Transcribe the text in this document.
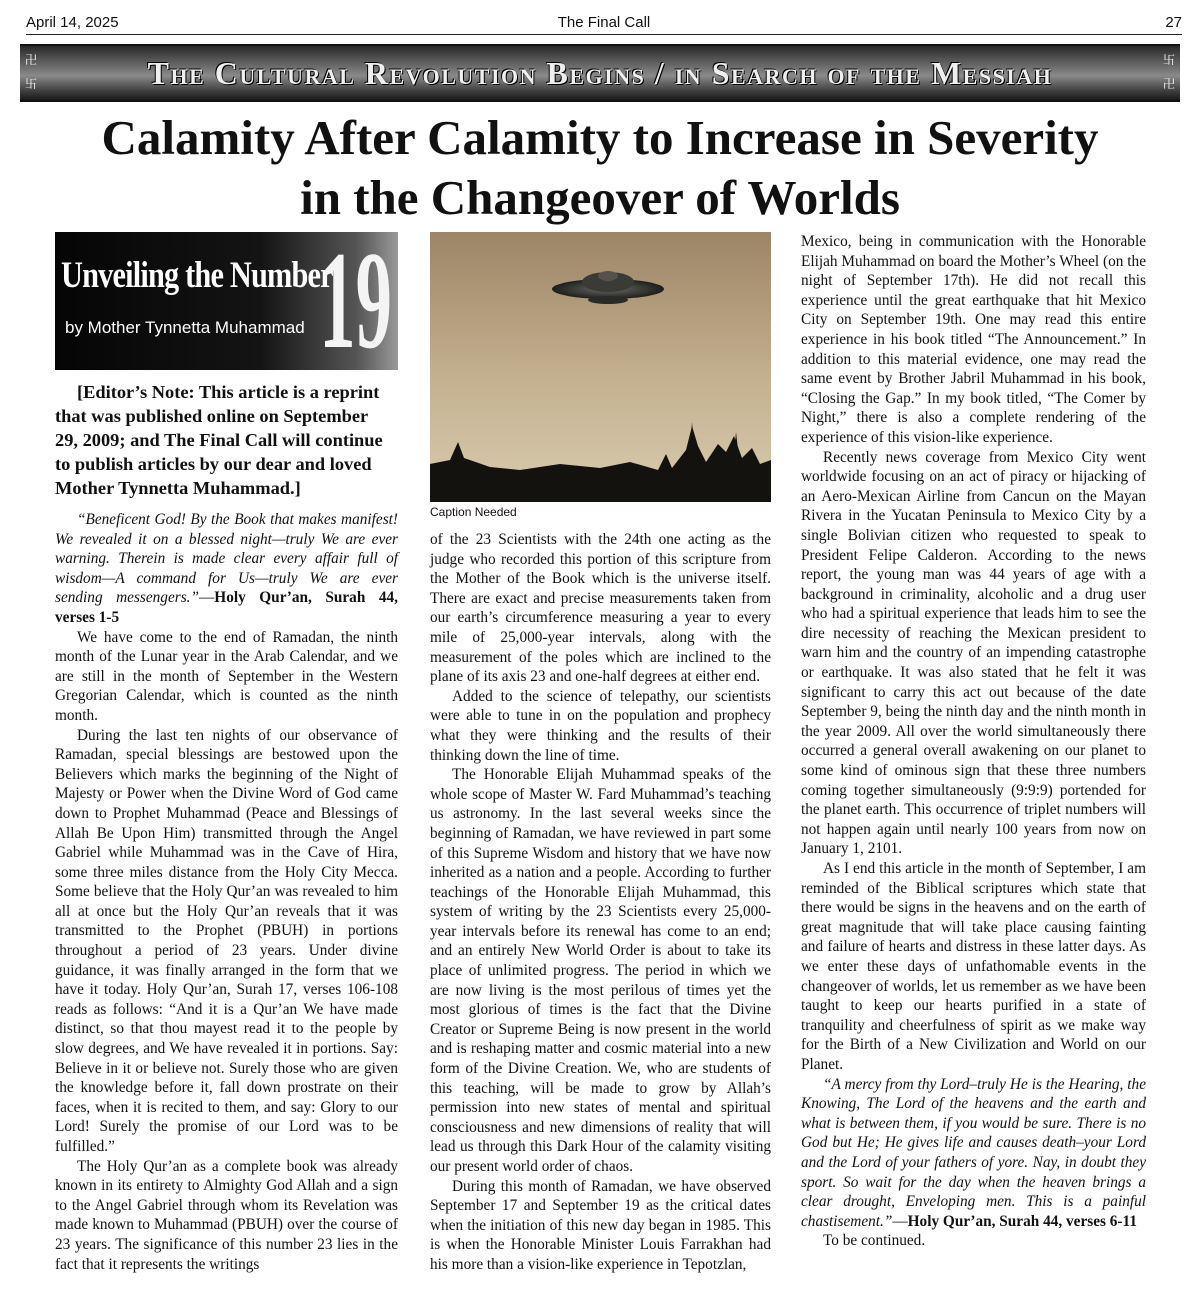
April 14, 2025	The Final Call	27
卍

卐	The Cultural Revolution Begins / in Search of the Messiah	卐

卍
Calamity After Calamity to Increase in Severity
in the Changeover of Worlds
Unveiling the Number
by Mother Tynnetta Muhammad 19
[Editor’s Note: This article is a reprint
that was published online on September
29, 2009; and The Final Call will continue
to publish articles by our dear and loved
Mother Tynnetta Muhammad.]

“Beneficent God! By the Book that makes manifest! We revealed it on a blessed night—truly We are ever warning. Therein is made clear every affair full of wisdom—A command for Us—truly We are ever sending messengers.”—Holy Qur’an, Surah 44, verses 1-5

We have come to the end of Ramadan, the ninth month of the Lunar year in the Arab Calendar, and we are still in the month of September in the Western Gregorian Calendar, which is counted as the ninth month.

During the last ten nights of our observance of Ramadan, special blessings are bestowed upon the Believers which marks the beginning of the Night of Majesty or Power when the Divine Word of God came down to Prophet Muhammad (Peace and Blessings of Allah Be Upon Him) transmitted through the Angel Gabriel while Muhammad was in the Cave of Hira, some three miles distance from the Holy City Mecca. Some believe that the Holy Qur’an was revealed to him all at once but the Holy Qur’an reveals that it was transmitted to the Prophet (PBUH) in portions throughout a period of 23 years. Under divine guidance, it was finally arranged in the form that we have it today. Holy Qur’an, Surah 17, verses 106-108 reads as follows: “And it is a Qur’an We have made distinct, so that thou mayest read it to the people by slow degrees, and We have revealed it in portions. Say: Believe in it or believe not. Surely those who are given the knowledge before it, fall down prostrate on their faces, when it is recited to them, and say: Glory to our Lord! Surely the promise of our Lord was to be fulfilled.”

The Holy Qur’an as a complete book was already known in its entirety to Almighty God Allah and a sign to the Angel Gabriel through whom its Revelation was made known to Muhammad (PBUH) over the course of 23 years. The significance of this number 23 lies in the fact that it represents the writings

Caption Needed

of the 23 Scientists with the 24th one acting as the judge who recorded this portion of this scripture from the Mother of the Book which is the universe itself. There are exact and precise measurements taken from our earth’s circumference measuring a year to every mile of 25,000-year intervals, along with the measurement of the poles which are inclined to the plane of its axis 23 and one-half degrees at either end.

Added to the science of telepathy, our scientists were able to tune in on the population and prophecy what they were thinking and the results of their thinking down the line of time.

The Honorable Elijah Muhammad speaks of the whole scope of Master W. Fard Muhammad’s teaching us astronomy. In the last several weeks since the beginning of Ramadan, we have reviewed in part some of this Supreme Wisdom and history that we have now inherited as a nation and a people. According to further teachings of the Honorable Elijah Muhammad, this system of writing by the 23 Scientists every 25,000-year intervals before its renewal has come to an end; and an entirely New World Order is about to take its place of unlimited progress. The period in which we are now living is the most perilous of times yet the most glorious of times is the fact that the Divine Creator or Supreme Being is now present in the world and is reshaping matter and cosmic material into a new form of the Divine Creation. We, who are students of this teaching, will be made to grow by Allah’s permission into new states of mental and spiritual consciousness and new dimensions of reality that will lead us through this Dark Hour of the calamity visiting our present world order of chaos.

During this month of Ramadan, we have observed September 17 and September 19 as the critical dates when the initiation of this new day began in 1985. This is when the Honorable Minister Louis Farrakhan had his more than a vision-like experience in Tepotzlan,

Mexico, being in communication with the Honorable Elijah Muhammad on board the Mother’s Wheel (on the night of September 17th). He did not recall this experience until the great earthquake that hit Mexico City on September 19th. One may read this entire experience in his book titled “The Announcement.” In addition to this material evidence, one may read the same event by Brother Jabril Muhammad in his book, “Closing the Gap.” In my book titled, “The Comer by Night,” there is also a complete rendering of the experience of this vision-like experience.

Recently news coverage from Mexico City went worldwide focusing on an act of piracy or hijacking of an Aero-Mexican Airline from Cancun on the Mayan Rivera in the Yucatan Peninsula to Mexico City by a single Bolivian citizen who requested to speak to President Felipe Calderon. According to the news report, the young man was 44 years of age with a background in criminality, alcoholic and a drug user who had a spiritual experience that leads him to see the dire necessity of reaching the Mexican president to warn him and the country of an impending catastrophe or earthquake. It was also stated that he felt it was significant to carry this act out because of the date September 9, being the ninth day and the ninth month in the year 2009. All over the world simultaneously there occurred a general overall awakening on our planet to some kind of ominous sign that these three numbers coming together simultaneously (9:9:9) portended for the planet earth. This occurrence of triplet numbers will not happen again until nearly 100 years from now on January 1, 2101.

As I end this article in the month of September, I am reminded of the Biblical scriptures which state that there would be signs in the heavens and on the earth of great magnitude that will take place causing fainting and failure of hearts and distress in these latter days. As we enter these days of unfathomable events in the changeover of worlds, let us remember as we have been taught to keep our hearts purified in a state of tranquility and cheerfulness of spirit as we make way for the Birth of a New Civilization and World on our Planet.

“A mercy from thy Lord–truly He is the Hearing, the Knowing, The Lord of the heavens and the earth and what is between them, if you would be sure. There is no God but He; He gives life and causes death–your Lord and the Lord of your fathers of yore. Nay, in doubt they sport. So wait for the day when the heaven brings a clear drought, Enveloping men. This is a painful chastisement.”—Holy Qur’an, Surah 44, verses 6-11

To be continued.
